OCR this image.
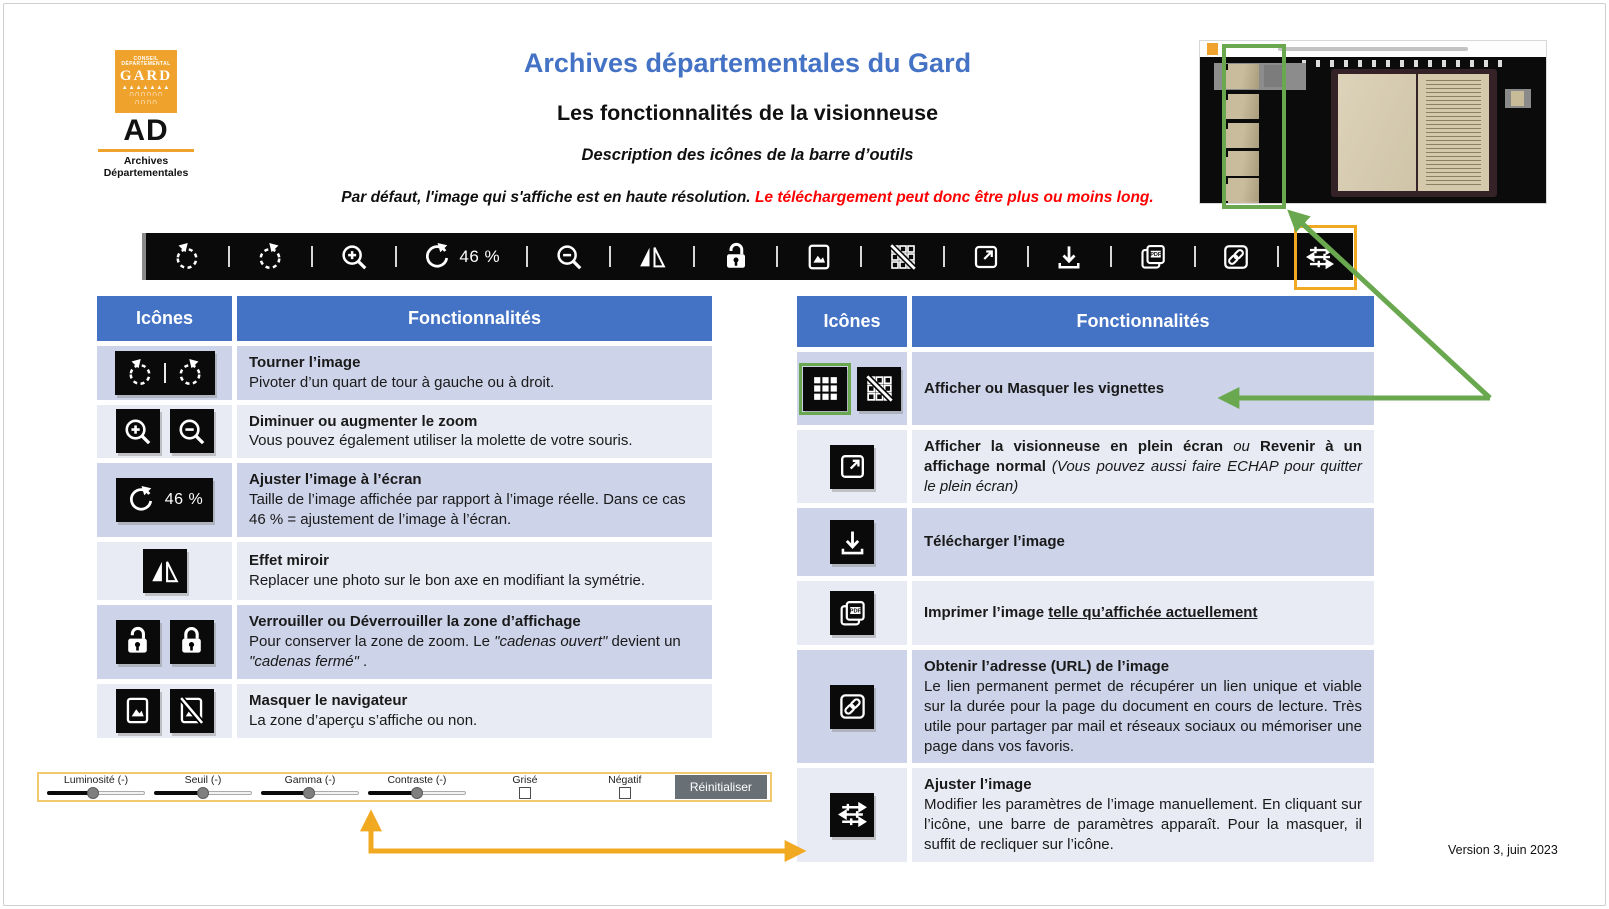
CONSEIL
DÉPARTEMENTAL
GARD
▲▲▲▲▲▲▲
∩∩∩∩∩∩
∩∩∩∩
AD
Archives
Départementales
Archives départementales du Gard
Les fonctionnalités de la visionneuse
Description des icônes de la barre d’outils
Par défaut, l'image qui s'affiche est en haute résolution. Le téléchargement peut donc être plus ou moins long.
46 %	PDF
Icônes	Fonctionnalités
Tourner l’image
Pivoter d’un quart de tour à gauche ou à droit.
Diminuer ou augmenter le zoom
Vous pouvez également utiliser la molette de votre souris.
46 %
Ajuster l’image à l’écran
Taille de l’image affichée par rapport à l’image réelle. Dans ce cas 46 % = ajustement de l’image à l’écran.
Effet miroir
Replacer une photo sur le bon axe en modifiant la symétrie.
Verrouiller ou Déverrouiller la zone d’affichage
Pour conserver la zone de zoom. Le "cadenas ouvert" devient un "cadenas fermé" .
Masquer le navigateur
La zone d’aperçu s’affiche ou non.
Icônes	Fonctionnalités
Afficher ou Masquer les vignettes
Afficher la visionneuse en plein écran ou Revenir à un affichage normal (Vous pouvez aussi faire ECHAP pour quitter le plein écran)
Télécharger l’image
PDF	Imprimer l’image telle qu’affichée actuellement
Obtenir l’adresse (URL) de l’image
Le lien permanent permet de récupérer un lien unique et viable sur la durée pour la page du document en cours de lecture. Très utile pour partager par mail et réseaux sociaux ou mémoriser une page dans vos favoris.
Ajuster l’image
Modifier les paramètres de l’image manuellement. En cliquant sur l’icône, une barre de paramètres apparaît. Pour la masquer, il suffit de recliquer sur l’icône.
Luminosité (-)	Seuil (-)	Gamma (-)	Contraste (-)	Grisé	Négatif
Réinitialiser
Version 3, juin 2023
